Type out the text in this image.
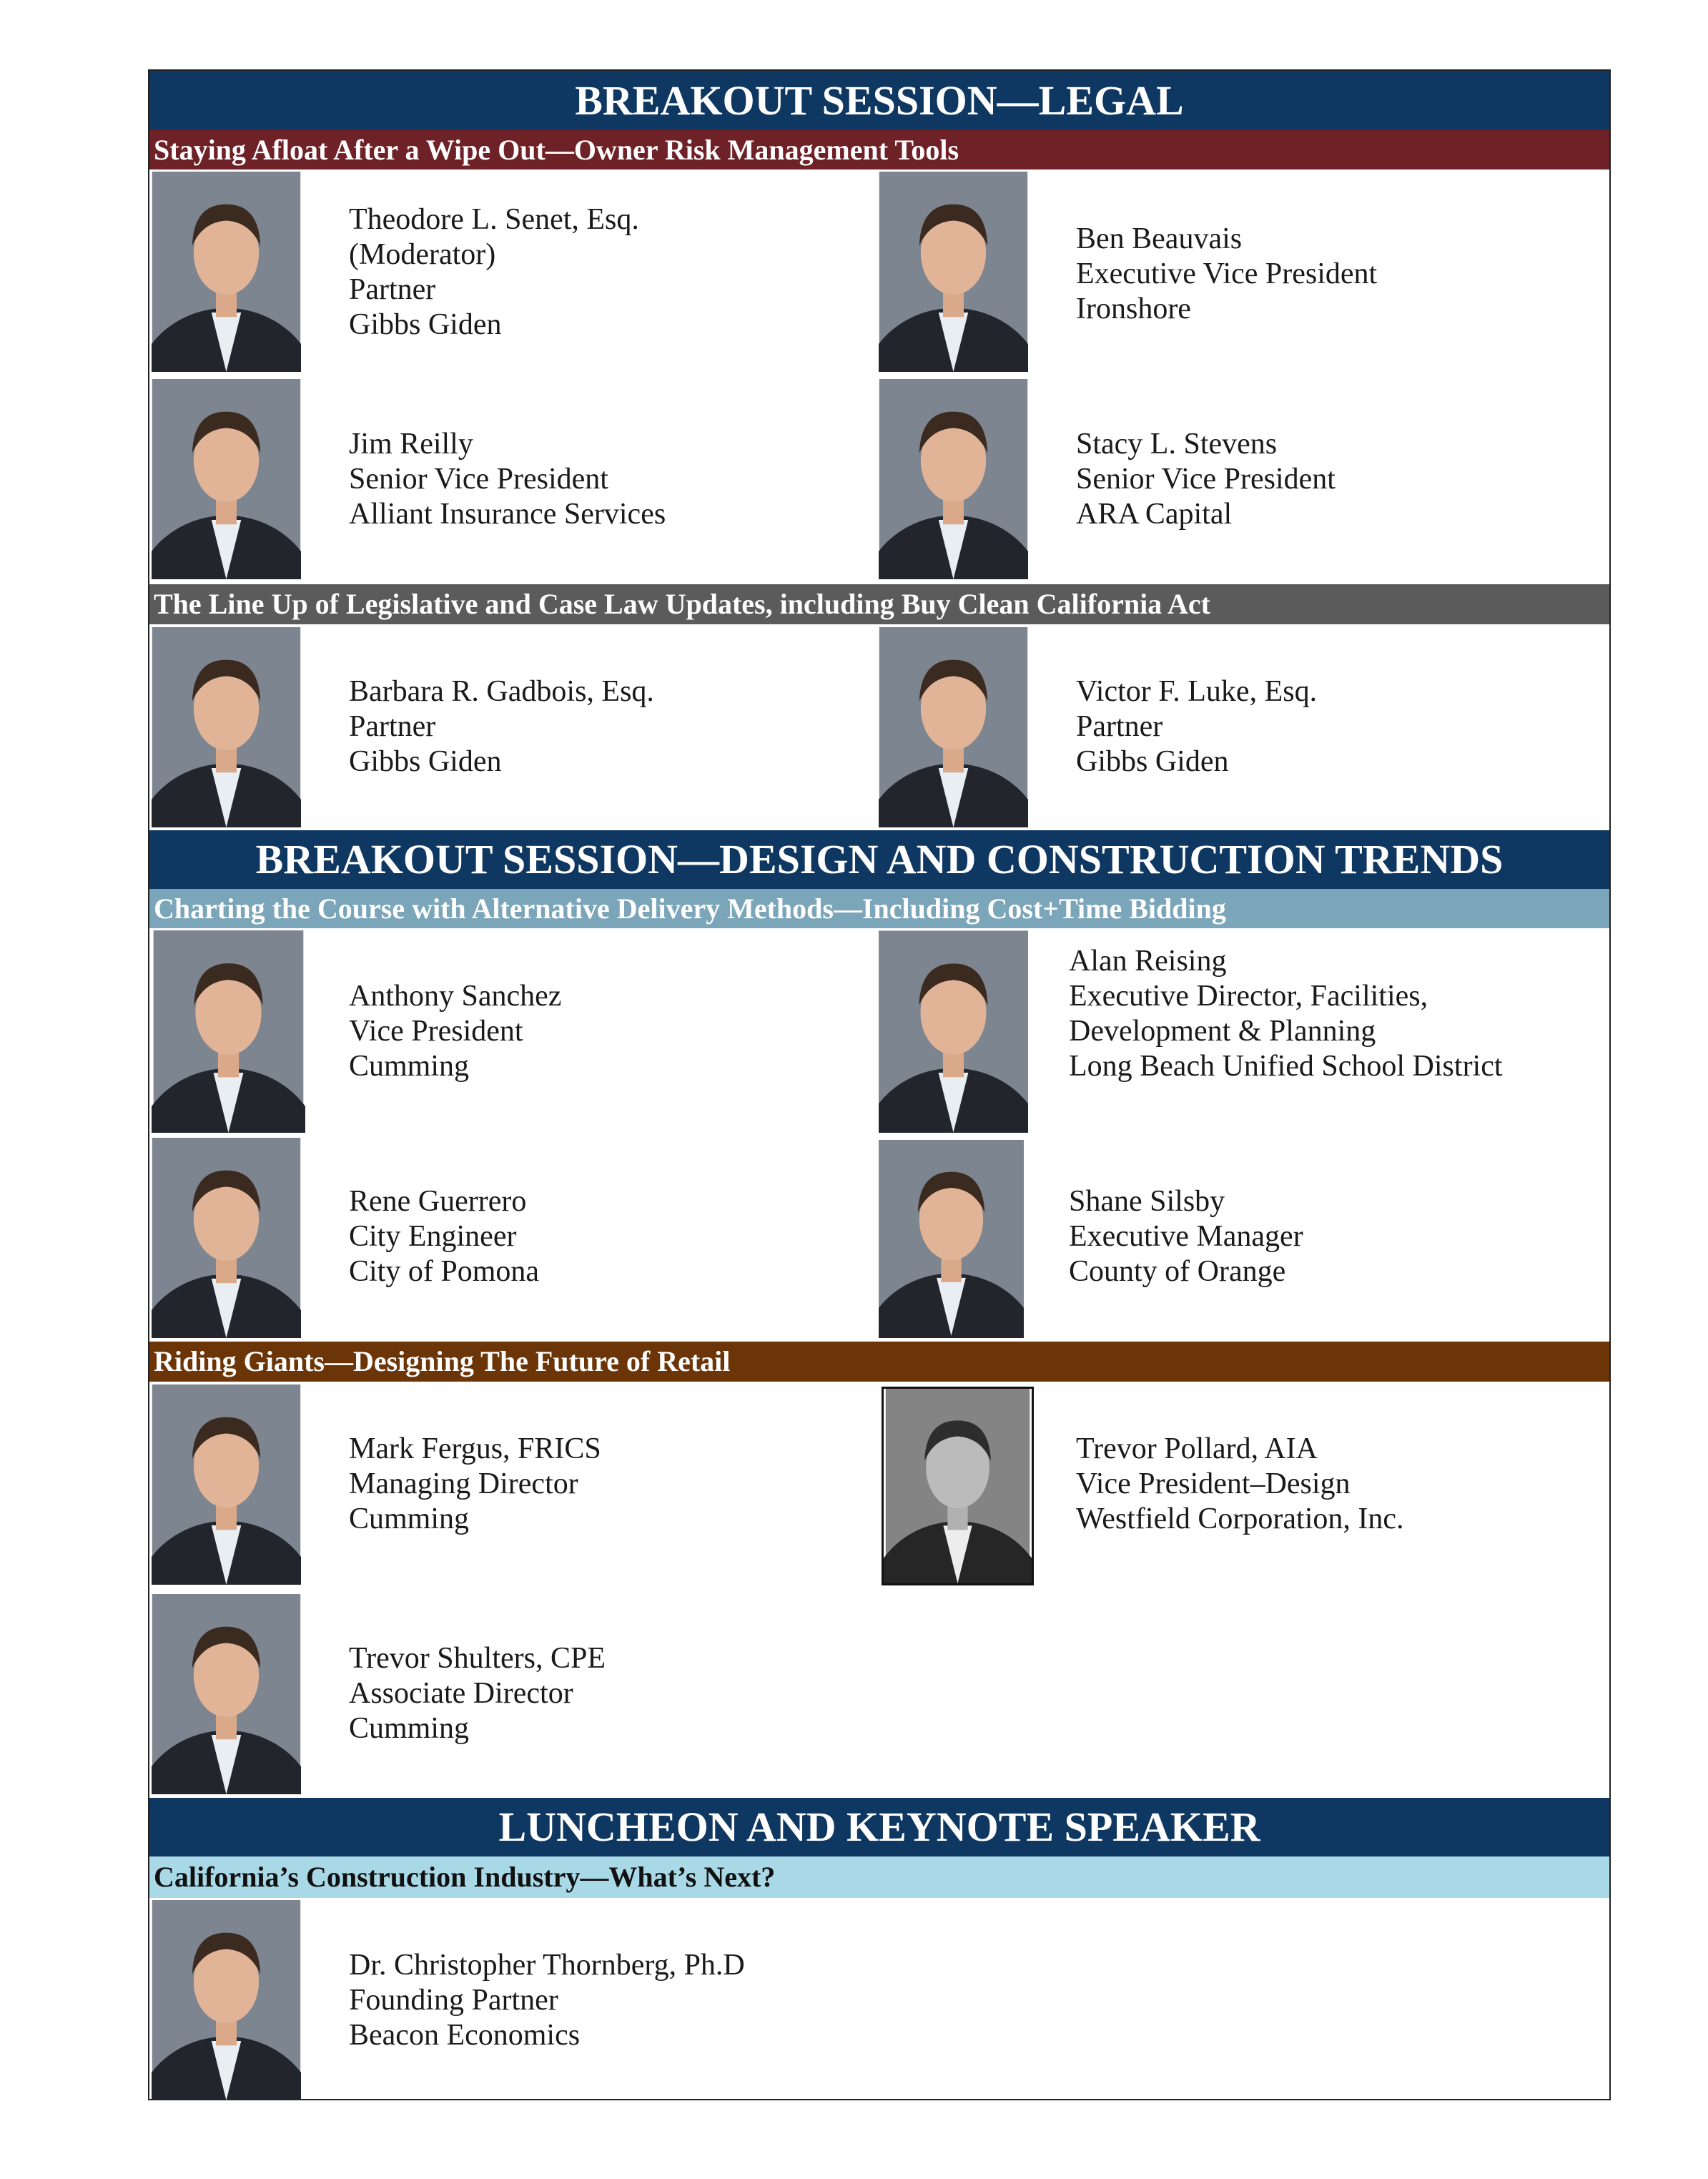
BREAKOUT SESSION—LEGAL
Staying Afloat After a Wipe Out—Owner Risk Management Tools
Theodore L. Senet, Esq.
(Moderator)
Partner
Gibbs Giden
Ben Beauvais
Executive Vice President
Ironshore
Jim Reilly
Senior Vice President
Alliant Insurance Services
Stacy L. Stevens
Senior Vice President
ARA Capital
The Line Up of Legislative and Case Law Updates, including Buy Clean California Act
Barbara R. Gadbois, Esq.
Partner
Gibbs Giden
Victor F. Luke, Esq.
Partner
Gibbs Giden
BREAKOUT SESSION—DESIGN AND CONSTRUCTION TRENDS
Charting the Course with Alternative Delivery Methods—Including Cost+Time Bidding
Anthony Sanchez
Vice President
Cumming
Alan Reising
Executive Director, Facilities,
Development & Planning
Long Beach Unified School District
Rene Guerrero
City Engineer
City of Pomona
Shane Silsby
Executive Manager
County of Orange
Riding Giants—Designing The Future of Retail
Mark Fergus, FRICS
Managing Director
Cumming
Trevor Pollard, AIA
Vice President–Design
Westfield Corporation, Inc.
Trevor Shulters, CPE
Associate Director
Cumming
LUNCHEON AND KEYNOTE SPEAKER
California’s Construction Industry—What’s Next?
Dr. Christopher Thornberg, Ph.D
Founding Partner
Beacon Economics
